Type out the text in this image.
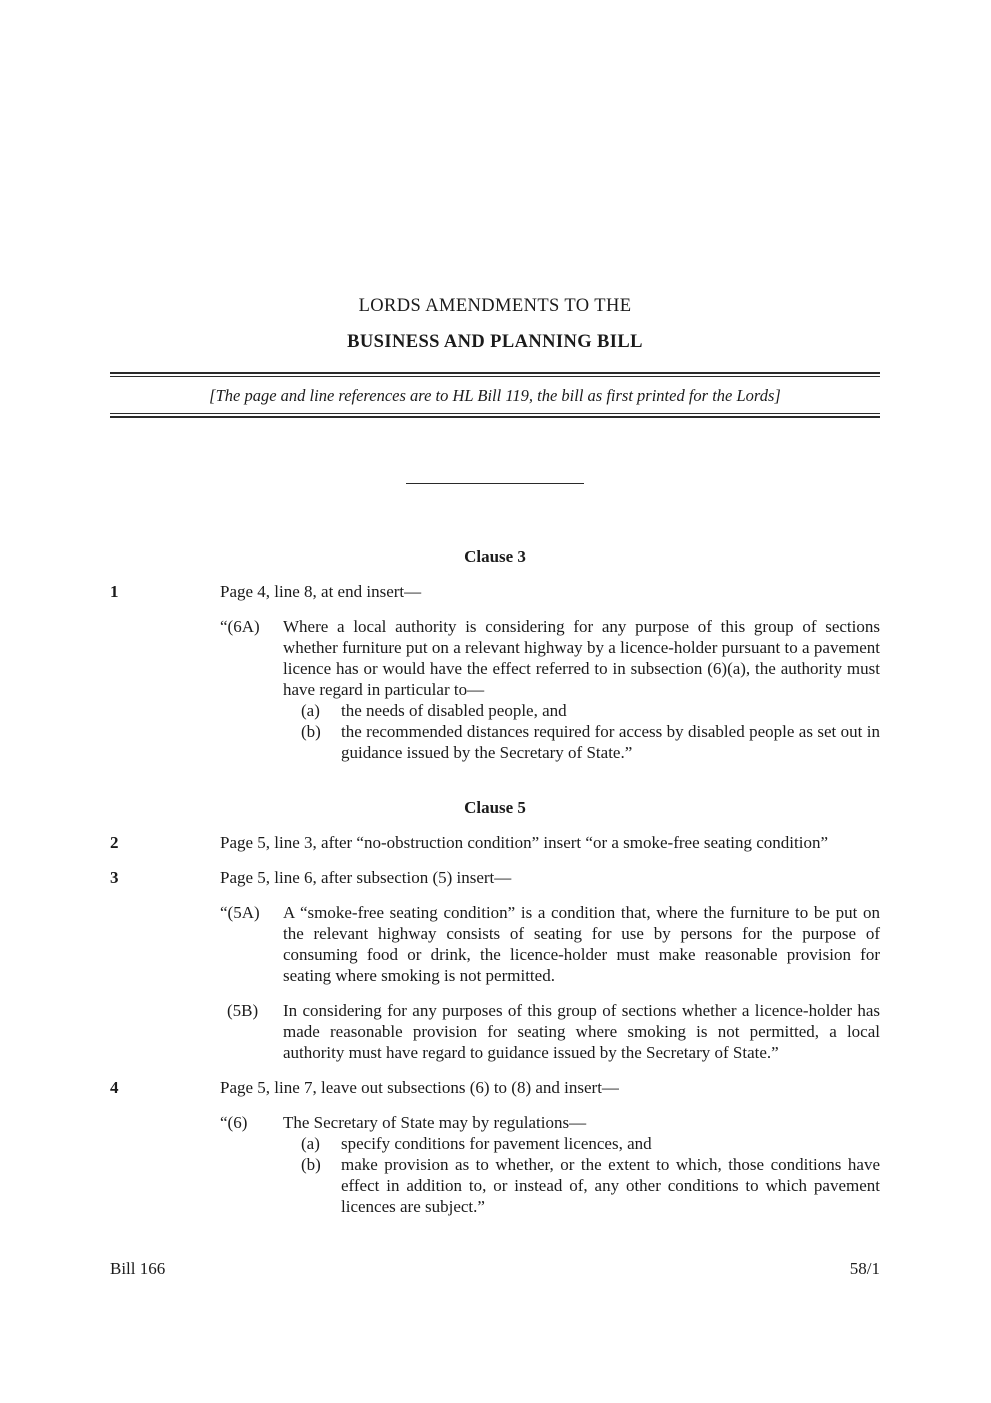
LORDS AMENDMENTS TO THE
BUSINESS AND PLANNING BILL
[The page and line references are to HL Bill 119, the bill as first printed for the Lords]
Clause 3
1	Page 4, line 8, at end insert—

“(6A)	Where a local authority is considering for any purpose of this group of sections whether furniture put on a relevant highway by a licence-holder pursuant to a pavement licence has or would have the effect referred to in subsection (6)(a), the authority must have regard in particular to—

(a)	the needs of disabled people, and
(b)	the recommended distances required for access by disabled people as set out in guidance issued by the Secretary of State.”
Clause 5
2	Page 5, line 3, after “no-obstruction condition” insert “or a smoke-free seating condition”

3	Page 5, line 6, after subsection (5) insert—

“(5A)	A “smoke-free seating condition” is a condition that, where the furniture to be put on the relevant highway consists of seating for use by persons for the purpose of consuming food or drink, the licence-holder must make reasonable provision for seating where smoking is not permitted.

(5B)	In considering for any purposes of this group of sections whether a licence-holder has made reasonable provision for seating where smoking is not permitted, a local authority must have regard to guidance issued by the Secretary of State.”

4	Page 5, line 7, leave out subsections (6) to (8) and insert—

“(6)	The Secretary of State may by regulations—

(a)	specify conditions for pavement licences, and
(b)	make provision as to whether, or the extent to which, those conditions have effect in addition to, or instead of, any other conditions to which pavement licences are subject.”
Bill 166	58/1
